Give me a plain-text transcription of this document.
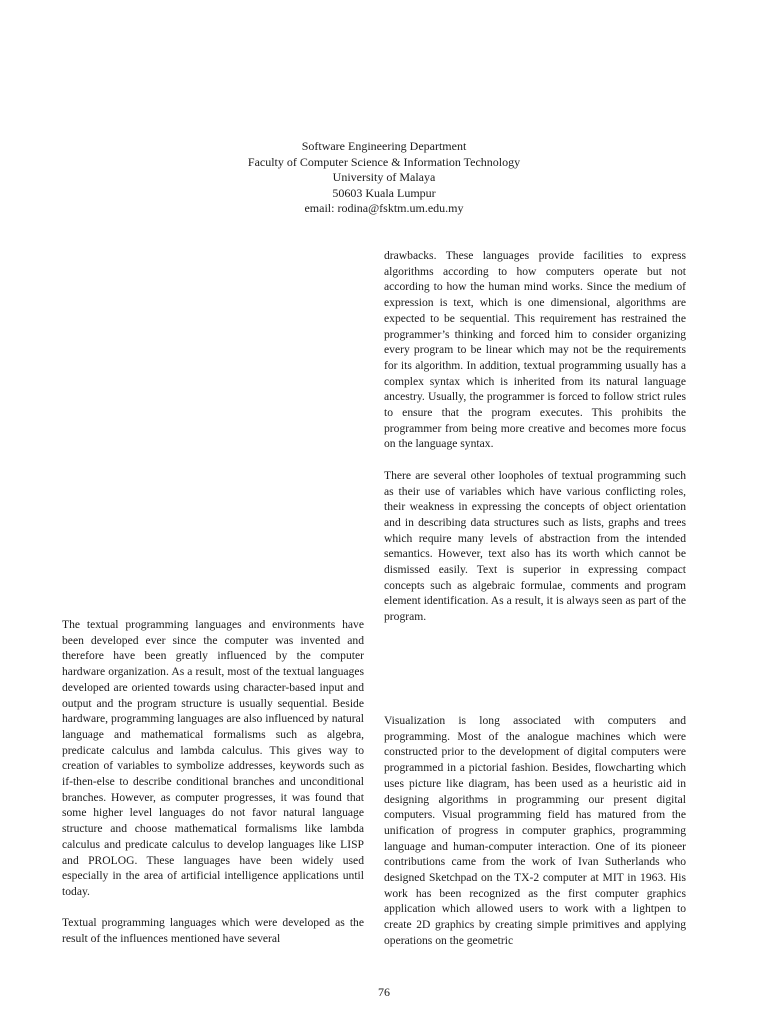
Software Engineering Department
Faculty of Computer Science & Information Technology
University of Malaya
50603 Kuala Lumpur
email: rodina@fsktm.um.edu.my

The textual programming languages and environments have been developed ever since the computer was invented and therefore have been greatly influenced by the computer hardware organization. As a result, most of the textual languages developed are oriented towards using character-based input and output and the program structure is usually sequential. Beside hardware, programming languages are also influenced by natural language and mathematical formalisms such as algebra, predicate calculus and lambda calculus. This gives way to creation of variables to symbolize addresses, keywords such as if-then-else to describe conditional branches and unconditional branches. However, as computer progresses, it was found that some higher level languages do not favor natural language structure and choose mathematical formalisms like lambda calculus and predicate calculus to develop languages like LISP and PROLOG. These languages have been widely used especially in the area of artificial intelligence applications until today.

Textual programming languages which were developed as the result of the influences mentioned have several

drawbacks. These languages provide facilities to express algorithms according to how computers operate but not according to how the human mind works. Since the medium of expression is text, which is one dimensional, algorithms are expected to be sequential. This requirement has restrained the programmer’s thinking and forced him to consider organizing every program to be linear which may not be the requirements for its algorithm. In addition, textual programming usually has a complex syntax which is inherited from its natural language ancestry. Usually, the programmer is forced to follow strict rules to ensure that the program executes. This prohibits the programmer from being more creative and becomes more focus on the language syntax.

There are several other loopholes of textual programming such as their use of variables which have various conflicting roles, their weakness in expressing the concepts of object orientation and in describing data structures such as lists, graphs and trees which require many levels of abstraction from the intended semantics. However, text also has its worth which cannot be dismissed easily. Text is superior in expressing compact concepts such as algebraic formulae, comments and program element identification. As a result, it is always seen as part of the program.

Visualization is long associated with computers and programming. Most of the analogue machines which were constructed prior to the development of digital computers were programmed in a pictorial fashion. Besides, flowcharting which uses picture like diagram, has been used as a heuristic aid in designing algorithms in programming our present digital computers. Visual programming field has matured from the unification of progress in computer graphics, programming language and human-computer interaction. One of its pioneer contributions came from the work of Ivan Sutherlands who designed Sketchpad on the TX-2 computer at MIT in 1963. His work has been recognized as the first computer graphics application which allowed users to work with a lightpen to create 2D graphics by creating simple primitives and applying operations on the geometric

76
